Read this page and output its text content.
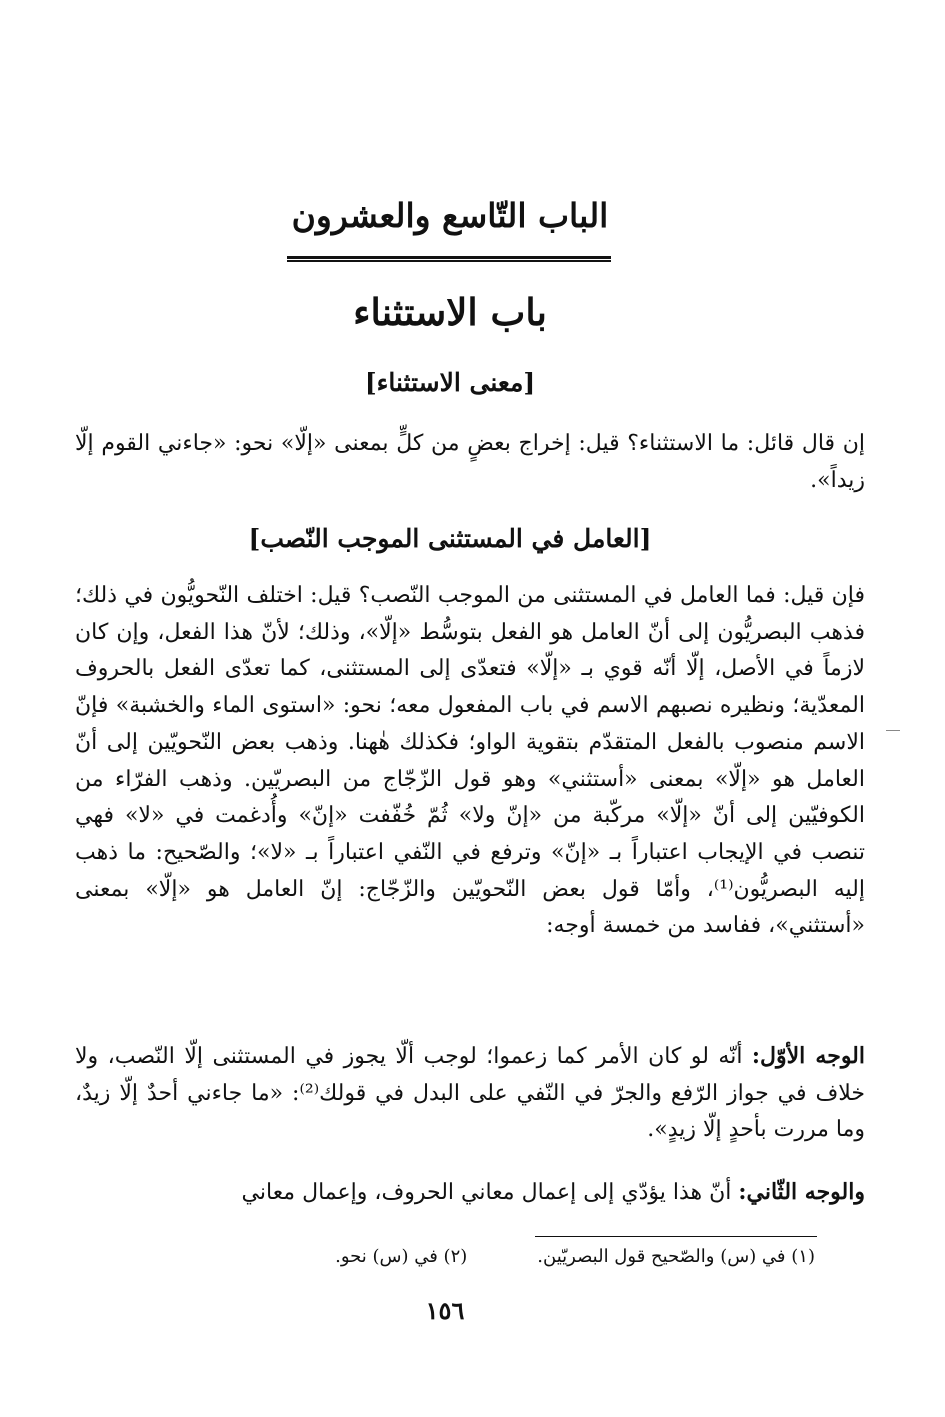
الباب التّاسع والعشرون
باب الاستثناء
[معنى الاستثناء]

إن قال قائل: ما الاستثناء؟ قيل: إخراج بعضٍ من كلٍّ بمعنى «إلّا» نحو: «جاءني القوم إلّا زيداً».

[العامل في المستثنى الموجب النّصب]

فإن قيل: فما العامل في المستثنى من الموجب النّصب؟ قيل: اختلف النّحويُّون في ذلك؛ فذهب البصريُّون إلى أنّ العامل هو الفعل بتوسُّط «إلّا»، وذلك؛ لأنّ هذا الفعل، وإن كان لازماً في الأصل، إلّا أنّه قوي بـ «إلّا» فتعدّى إلى المستثنى، كما تعدّى الفعل بالحروف المعدّية؛ ونظيره نصبهم الاسم في باب المفعول معه؛ نحو: «استوى الماء والخشبة» فإنّ الاسم منصوب بالفعل المتقدّم بتقوية الواو؛ فكذلك هٰهنا. وذهب بعض النّحويّين إلى أنّ العامل هو «إلّا» بمعنى «أستثني» وهو قول الزّجّاج من البصريّين. وذهب الفرّاء من الكوفيّين إلى أنّ «إلّا» مركّبة من «إنّ ولا» ثُمّ خُفّفت «إنّ» وأُدغمت في «لا» فهي تنصب في الإيجاب اعتباراً بـ «إنّ» وترفع في النّفي اعتباراً بـ «لا»؛ والصّحيح: ما ذهب إليه البصريُّون⁽¹⁾، وأمّا قول بعض النّحويّين والزّجّاج: إنّ العامل هو «إلّا» بمعنى «أستثني»، ففاسد من خمسة أوجه:

الوجه الأوّل: أنّه لو كان الأمر كما زعموا؛ لوجب ألّا يجوز في المستثنى إلّا النّصب، ولا خلاف في جواز الرّفع والجرّ في النّفي على البدل في قولك⁽²⁾: «ما جاءني أحدٌ إلّا زيدٌ، وما مررت بأحدٍ إلّا زيدٍ».

والوجه الثّاني: أنّ هذا يؤدّي إلى إعمال معاني الحروف، وإعمال معاني

(١) في (س) والصّحيح قول البصريّين.(٢) في (س) نحو.

١٥٦
